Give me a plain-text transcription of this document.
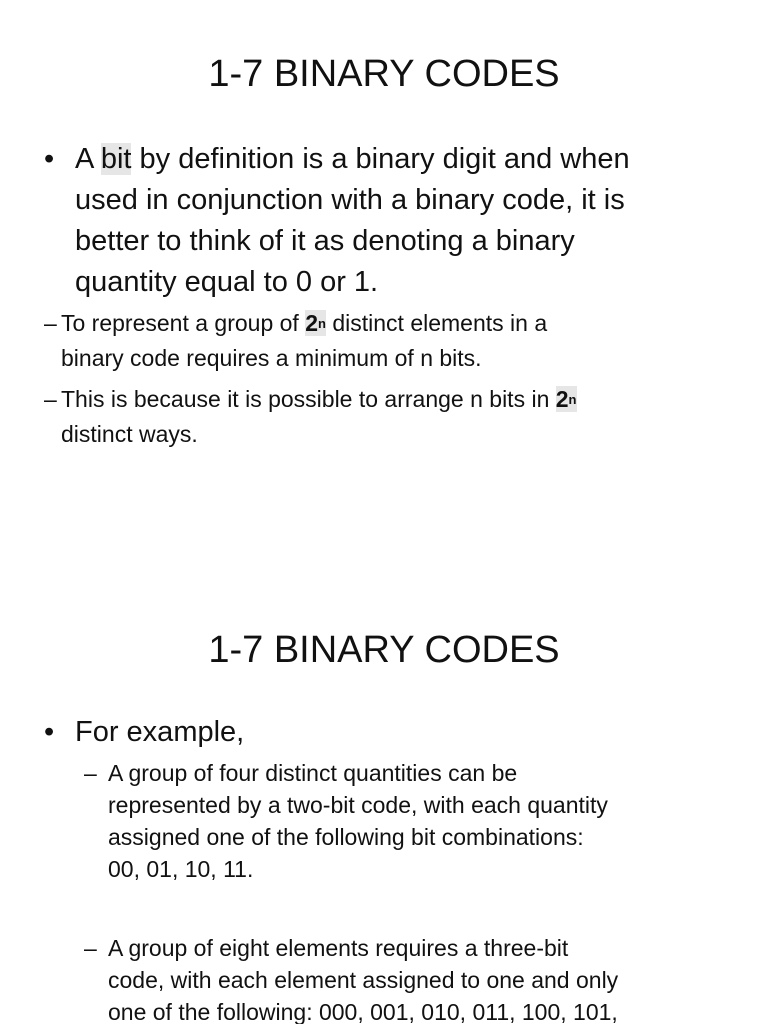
1-7 BINARY CODES
• A bit by definition is a binary digit and when
used in conjunction with a binary code, it is
better to think of it as denoting a binary
quantity equal to 0 or 1.
– To represent a group of 2$^n$ distinct elements in a
binary code requires a minimum of n bits.
– This is because it is possible to arrange n bits in 2$^n$
distinct ways.
1-7 BINARY CODES
• For example,
– A group of four distinct quantities can be
represented by a two-bit code, with each quantity
assigned one of the following bit combinations:
00, 01, 10, 11.
– A group of eight elements requires a three-bit
code, with each element assigned to one and only
one of the following: 000, 001, 010, 011, 100, 101,
